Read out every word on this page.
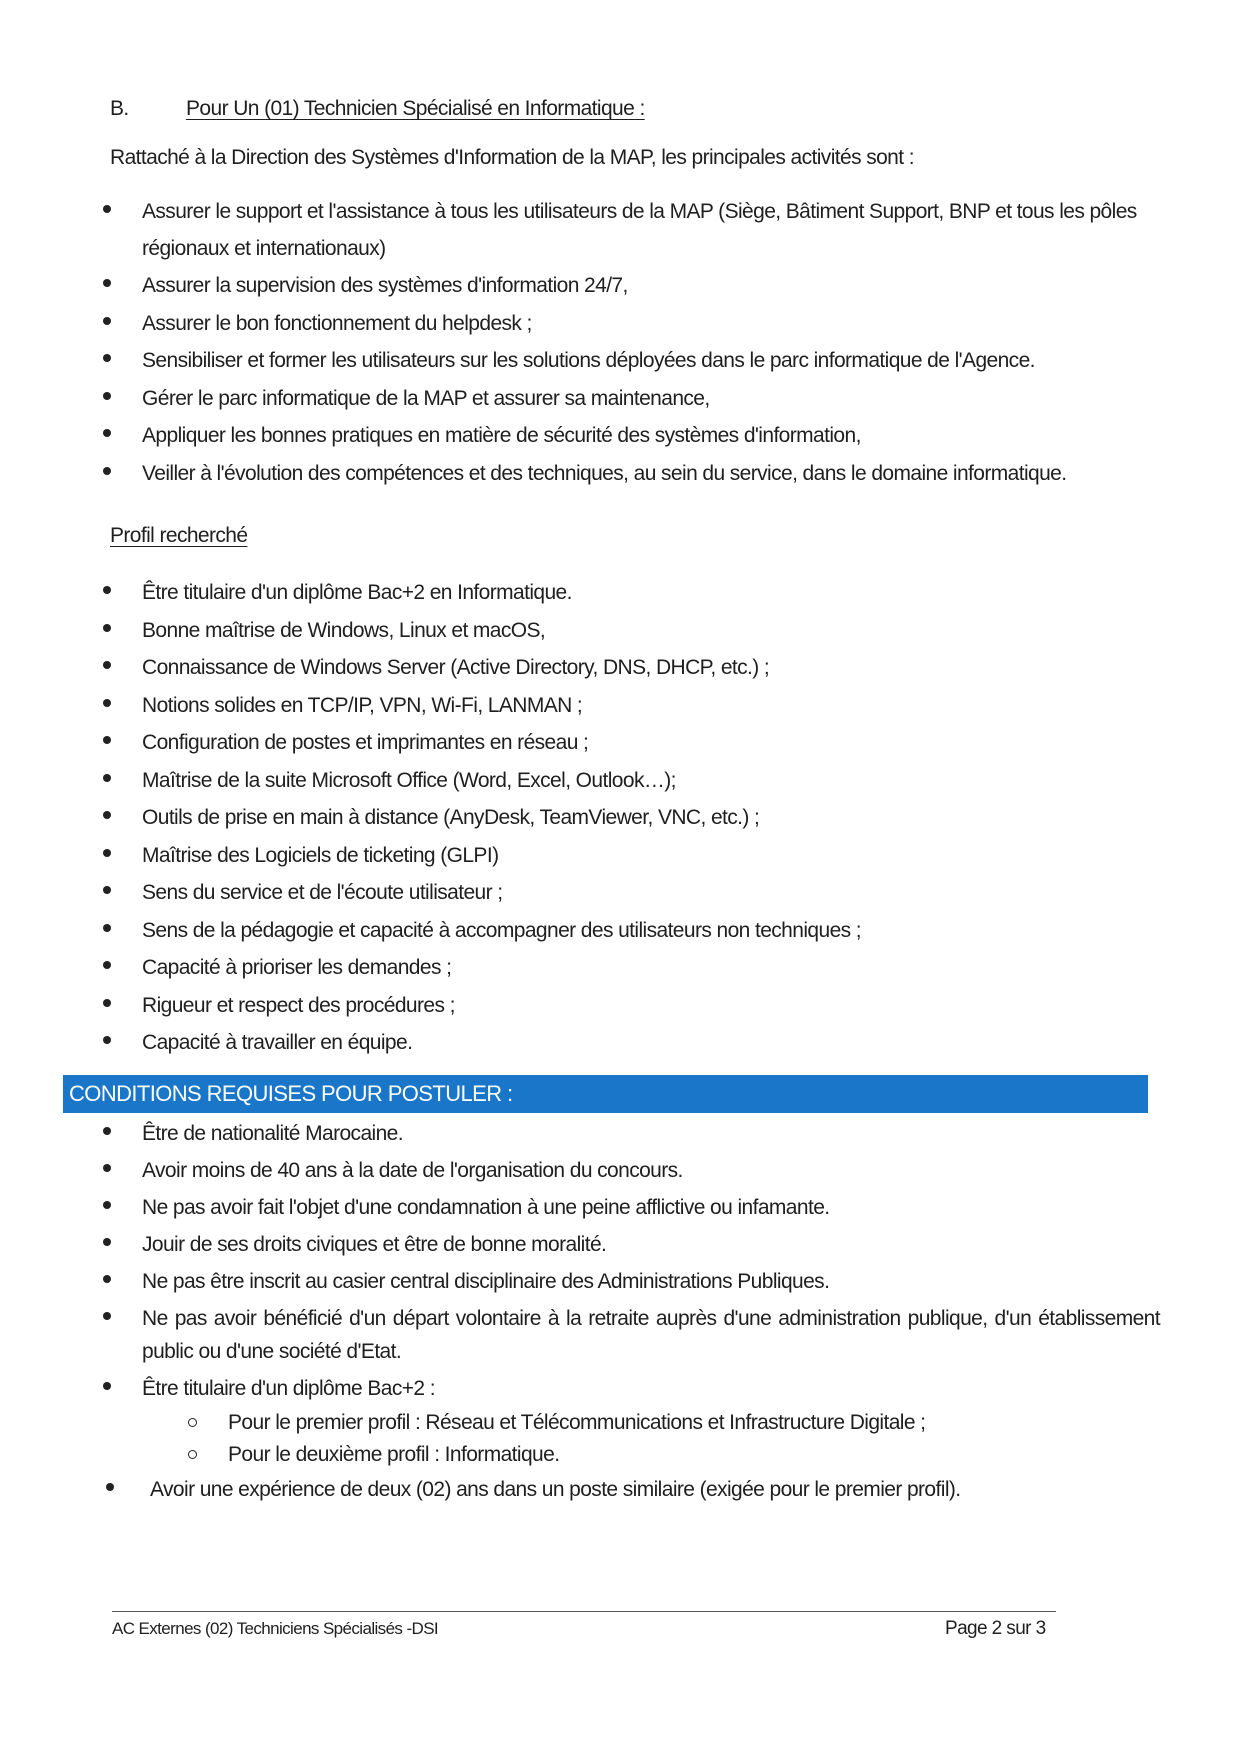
B.	Pour Un (01) Technicien Spécialisé en Informatique :
Rattaché à la Direction des Systèmes d'Information de la MAP, les principales activités sont :
Assurer le support et l'assistance à tous les utilisateurs de la MAP (Siège, Bâtiment Support, BNP et tous les pôles régionaux et internationaux)
Assurer la supervision des systèmes d'information 24/7,
Assurer le bon fonctionnement du helpdesk ;
Sensibiliser et former les utilisateurs sur les solutions déployées dans le parc informatique de l'Agence.
Gérer le parc informatique de la MAP et assurer sa maintenance,
Appliquer les bonnes pratiques en matière de sécurité des systèmes d'information,
Veiller à l'évolution des compétences et des techniques, au sein du service, dans le domaine informatique.
Profil recherché
Être titulaire d'un diplôme Bac+2 en Informatique.
Bonne maîtrise de Windows, Linux et macOS,
Connaissance de Windows Server (Active Directory, DNS, DHCP, etc.) ;
Notions solides en TCP/IP, VPN, Wi-Fi, LANMAN ;
Configuration de postes et imprimantes en réseau ;
Maîtrise de la suite Microsoft Office (Word, Excel, Outlook…);
Outils de prise en main à distance (AnyDesk, TeamViewer, VNC, etc.) ;
Maîtrise des Logiciels de ticketing (GLPI)
Sens du service et de l'écoute utilisateur ;
Sens de la pédagogie et capacité à accompagner des utilisateurs non techniques ;
Capacité à prioriser les demandes ;
Rigueur et respect des procédures ;
Capacité à travailler en équipe.
CONDITIONS REQUISES POUR POSTULER :
Être de nationalité Marocaine.
Avoir moins de 40 ans à la date de l'organisation du concours.
Ne pas avoir fait l'objet d'une condamnation à une peine afflictive ou infamante.
Jouir de ses droits civiques et être de bonne moralité.
Ne pas être inscrit au casier central disciplinaire des Administrations Publiques.
Ne pas avoir bénéficié d'un départ volontaire à la retraite auprès d'une administration publique, d'un établissement public ou d'une société d'Etat.
Être titulaire d'un diplôme Bac+2 :
Pour le premier profil : Réseau et Télécommunications et Infrastructure Digitale ;
Pour le deuxième profil : Informatique.
Avoir une expérience de deux (02) ans dans un poste similaire (exigée pour le premier profil).
AC Externes (02) Techniciens Spécialisés -DSI	Page 2 sur 3
